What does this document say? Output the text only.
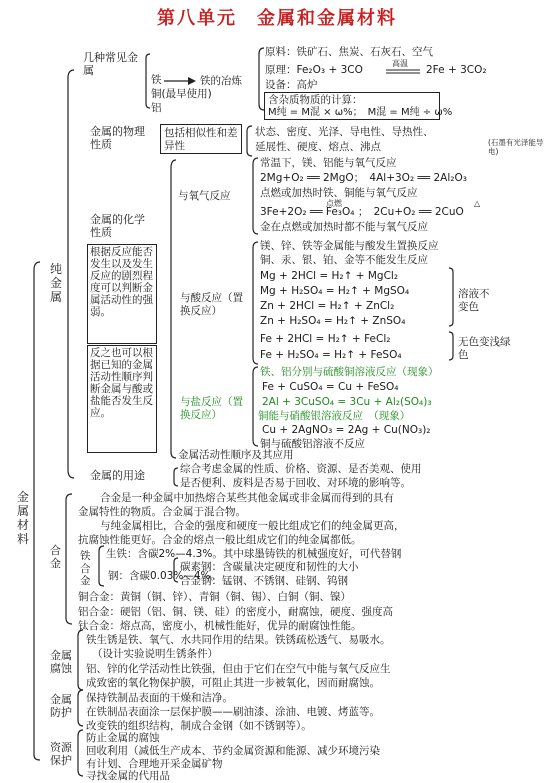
第八单元　金属和金属材料
金属材料
纯金属
几种常见金属
铁
铜(最早使用)
铝
铁的冶炼
原料：铁矿石、焦炭、石灰石、空气
原理：Fe₂O₃ + 3CO
高温
2Fe + 3CO₂
设备：高炉
含杂质物质的计算：
M纯 = M混 × ω%；　M混 = M纯 ÷ ω%
金属的物理性质
包括相似性和差异性
状态、密度、光泽、导电性、导热性、
延展性、硬度、熔点、沸点	(石墨有光泽能导电)
金属的化学性质
根据反应能否发生以及发生反应的剧烈程度可以判断金属活动性的强弱。
反之也可以根据已知的金属活动性顺序判断金属与酸或盐能否发生反应。
与氧气反应
常温下，镁、铝能与氧气反应
2Mg+O₂ ══ 2MgO；　4Al+3O₂ ══ 2Al₂O₃
点燃或加热时铁、铜能与氧气反应
点燃
3Fe+2O₂ ══ Fe₃O₄ ；　2Cu+O₂ ══ 2CuO
△
金在点燃或加热时都不能与氧气反应
与酸反应（置换反应）
镁、锌、铁等金属能与酸发生置换反应
铜、汞、银、铂、金等不能发生反应
Mg + 2HCl = H₂↑ + MgCl₂
Mg + H₂SO₄ = H₂↑ + MgSO₄
Zn + 2HCl = H₂↑ + ZnCl₂
Zn + H₂SO₄ = H₂↑ + ZnSO₄
Fe + 2HCl = H₂↑ + FeCl₂
Fe + H₂SO₄ = H₂↑ + FeSO₄
溶液不变色
无色变浅绿色
与盐反应（置换反应）
铁、铝分别与硫酸铜溶液反应（现象）
Fe + CuSO₄ = Cu + FeSO₄
2Al + 3CuSO₄ = 3Cu + Al₂(SO₄)₃
铜能与硝酸银溶液反应　（现象）
Cu + 2AgNO₃ = 2Ag + Cu(NO₃)₂
铜与硫酸铝溶液不反应
金属活动性顺序及其应用
金属的用途	综合考虑金属的性质、价格、资源、是否美观、使用
是否便利、废料是否易于回收、对环境的影响等。
合金
合金是一种金属中加热熔合某些其他金属或非金属而得到的具有
金属特性的物质。合金属于混合物。
与纯金属相比，合金的强度和硬度一般比组成它们的纯金属更高，
抗腐蚀性能更好。合金的熔点一般比组成它们的纯金属都低。
铁合金
生铁：含碳2%—4.3%。其中球墨铸铁的机械强度好，可代替钢
钢：含碳0.03%—4%。
碳素钢：含碳量决定硬度和韧性的大小
合金钢：锰钢、不锈钢、硅钢、钨钢
铜合金：黄铜（铜、锌）、青铜（铜、锡）、白铜（铜、镍）
铝合金：硬铝（铝、铜、镁、硅）的密度小，耐腐蚀，硬度、强度高
钛合金：熔点高，密度小，机械性能好，优异的耐腐蚀性能。
金属腐蚀
铁生锈是铁、氧气、水共同作用的结果。铁锈疏松透气、易吸水。
（设计实验说明生锈条件）
铝、锌的化学活动性比铁强，但由于它们在空气中能与氧气反应生
成致密的氧化物保护膜，可阻止其进一步被氧化，因而耐腐蚀。
金属防护
保持铁制品表面的干燥和洁净。
在铁制品表面涂一层保护膜——刷油漆、涂油、电镀、烤蓝等。
改变铁的组织结构，制成合金钢（如不锈钢等）。
资源保护
防止金属的腐蚀
回收利用（减低生产成本、节约金属资源和能源、减少环境污染
有计划、合理地开采金属矿物
寻找金属的代用品
